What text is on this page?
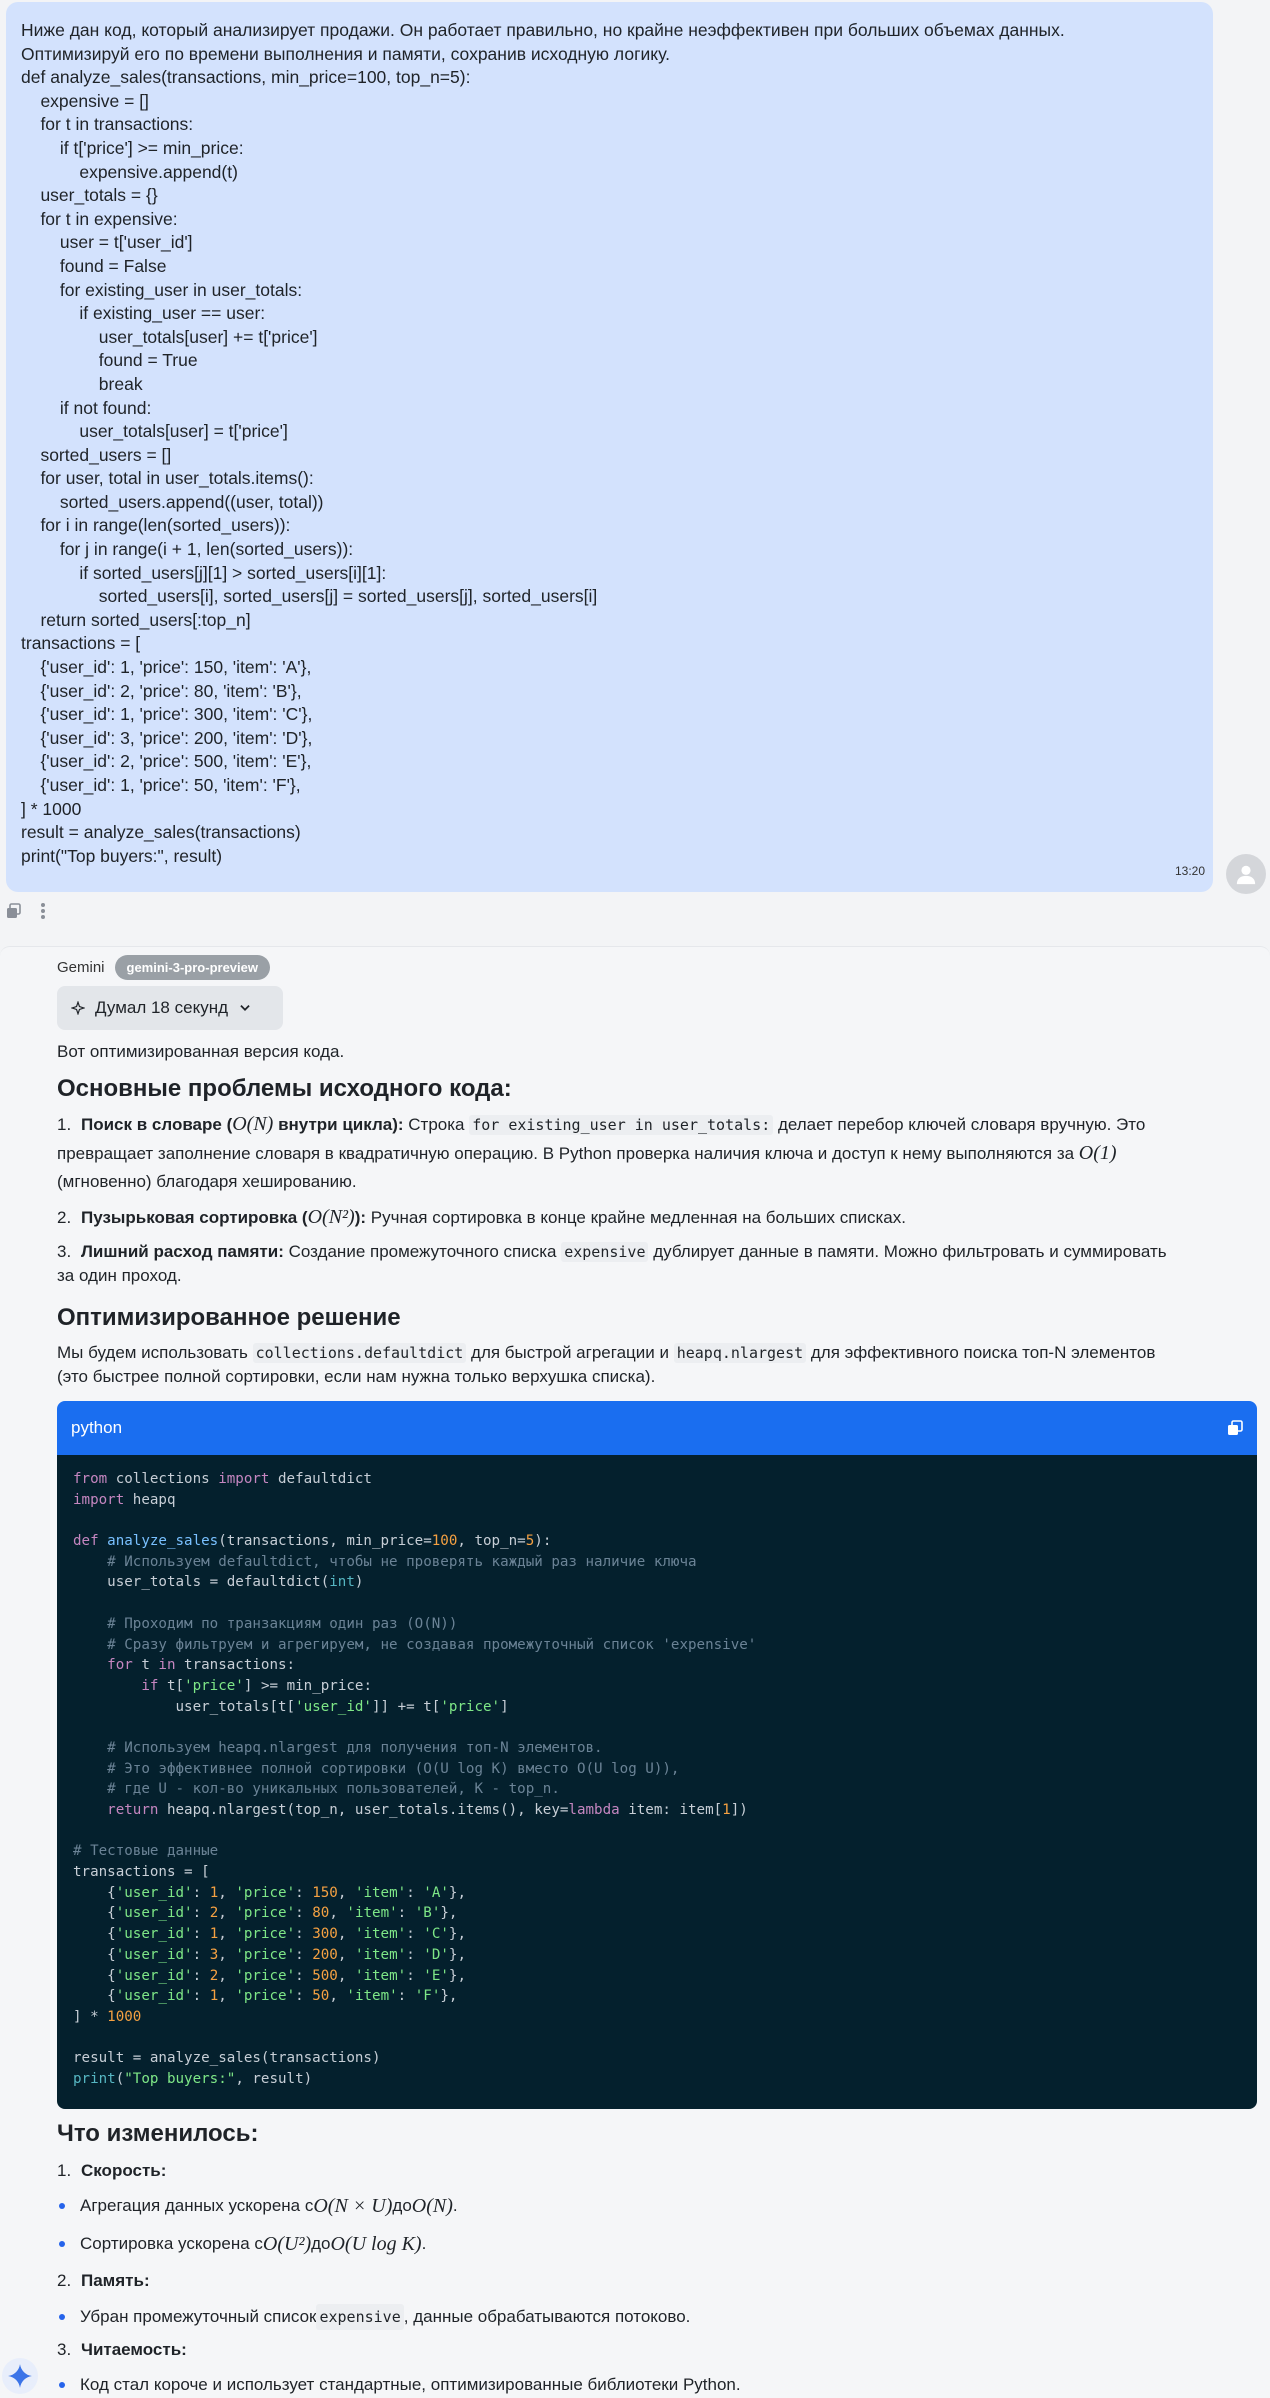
Ниже дан код, который анализирует продажи. Он работает правильно, но крайне неэффективен при больших объемах данных.
Оптимизируй его по времени выполнения и памяти, сохранив исходную логику.
def analyze_sales(transactions, min_price=100, top_n=5):
expensive = []
for t in transactions:
if t['price'] >= min_price:
expensive.append(t)
user_totals = {}
for t in expensive:
user = t['user_id']
found = False
for existing_user in user_totals:
if existing_user == user:
user_totals[user] += t['price']
found = True
break
if not found:
user_totals[user] = t['price']
sorted_users = []
for user, total in user_totals.items():
sorted_users.append((user, total))
for i in range(len(sorted_users)):
for j in range(i + 1, len(sorted_users)):
if sorted_users[j][1] > sorted_users[i][1]:
sorted_users[i], sorted_users[j] = sorted_users[j], sorted_users[i]
return sorted_users[:top_n]
transactions = [
{'user_id': 1, 'price': 150, 'item': 'A'},
{'user_id': 2, 'price': 80, 'item': 'B'},
{'user_id': 1, 'price': 300, 'item': 'C'},
{'user_id': 3, 'price': 200, 'item': 'D'},
{'user_id': 2, 'price': 500, 'item': 'E'},
{'user_id': 1, 'price': 50, 'item': 'F'},
] * 1000
result = analyze_sales(transactions)
print("Top buyers:", result)
13:20
Gemini	gemini-3-pro-preview
Думал 18 секунд
Вот оптимизированная версия кода.
Основные проблемы исходного кода:
1. Поиск в словаре (O(N) внутри цикла): Строка for existing_user in user_totals: делает перебор ключей словаря вручную. Это
превращает заполнение словаря в квадратичную операцию. В Python проверка наличия ключа и доступ к нему выполняются за O(1)
(мгновенно) благодаря хешированию.
2. Пузырьковая сортировка (O(N²)): Ручная сортировка в конце крайне медленная на больших списках.
3. Лишний расход памяти: Создание промежуточного списка expensive дублирует данные в памяти. Можно фильтровать и суммировать
за один проход.
Оптимизированное решение
Мы будем использовать collections.defaultdict для быстрой агрегации и heapq.nlargest для эффективного поиска топ-N элементов
(это быстрее полной сортировки, если нам нужна только верхушка списка).
python
from collections import defaultdict
import heapq

def analyze_sales(transactions, min_price=100, top_n=5):
# Используем defaultdict, чтобы не проверять каждый раз наличие ключа
user_totals = defaultdict(int)

# Проходим по транзакциям один раз (O(N))
# Сразу фильтруем и агрегируем, не создавая промежуточный список 'expensive'
for t in transactions:
if t['price'] >= min_price:
user_totals[t['user_id']] += t['price']

# Используем heapq.nlargest для получения топ-N элементов.
# Это эффективнее полной сортировки (O(U log K) вместо O(U log U)),
# где U - кол-во уникальных пользователей, K - top_n.
return heapq.nlargest(top_n, user_totals.items(), key=lambda item: item[1])

# Тестовые данные
transactions = [
{'user_id': 1, 'price': 150, 'item': 'A'},
{'user_id': 2, 'price': 80, 'item': 'B'},
{'user_id': 1, 'price': 300, 'item': 'C'},
{'user_id': 3, 'price': 200, 'item': 'D'},
{'user_id': 2, 'price': 500, 'item': 'E'},
{'user_id': 1, 'price': 50, 'item': 'F'},
] * 1000

result = analyze_sales(transactions)
print("Top buyers:", result)
Что изменилось:
1. Скорость:
Агрегация данных ускорена с O(N × U) до O(N) .
Сортировка ускорена с O(U²) до O(U log K) .
2. Память:
Убран промежуточный список expensive , данные обрабатываются потоково.
3. Читаемость:
Код стал короче и использует стандартные, оптимизированные библиотеки Python.
